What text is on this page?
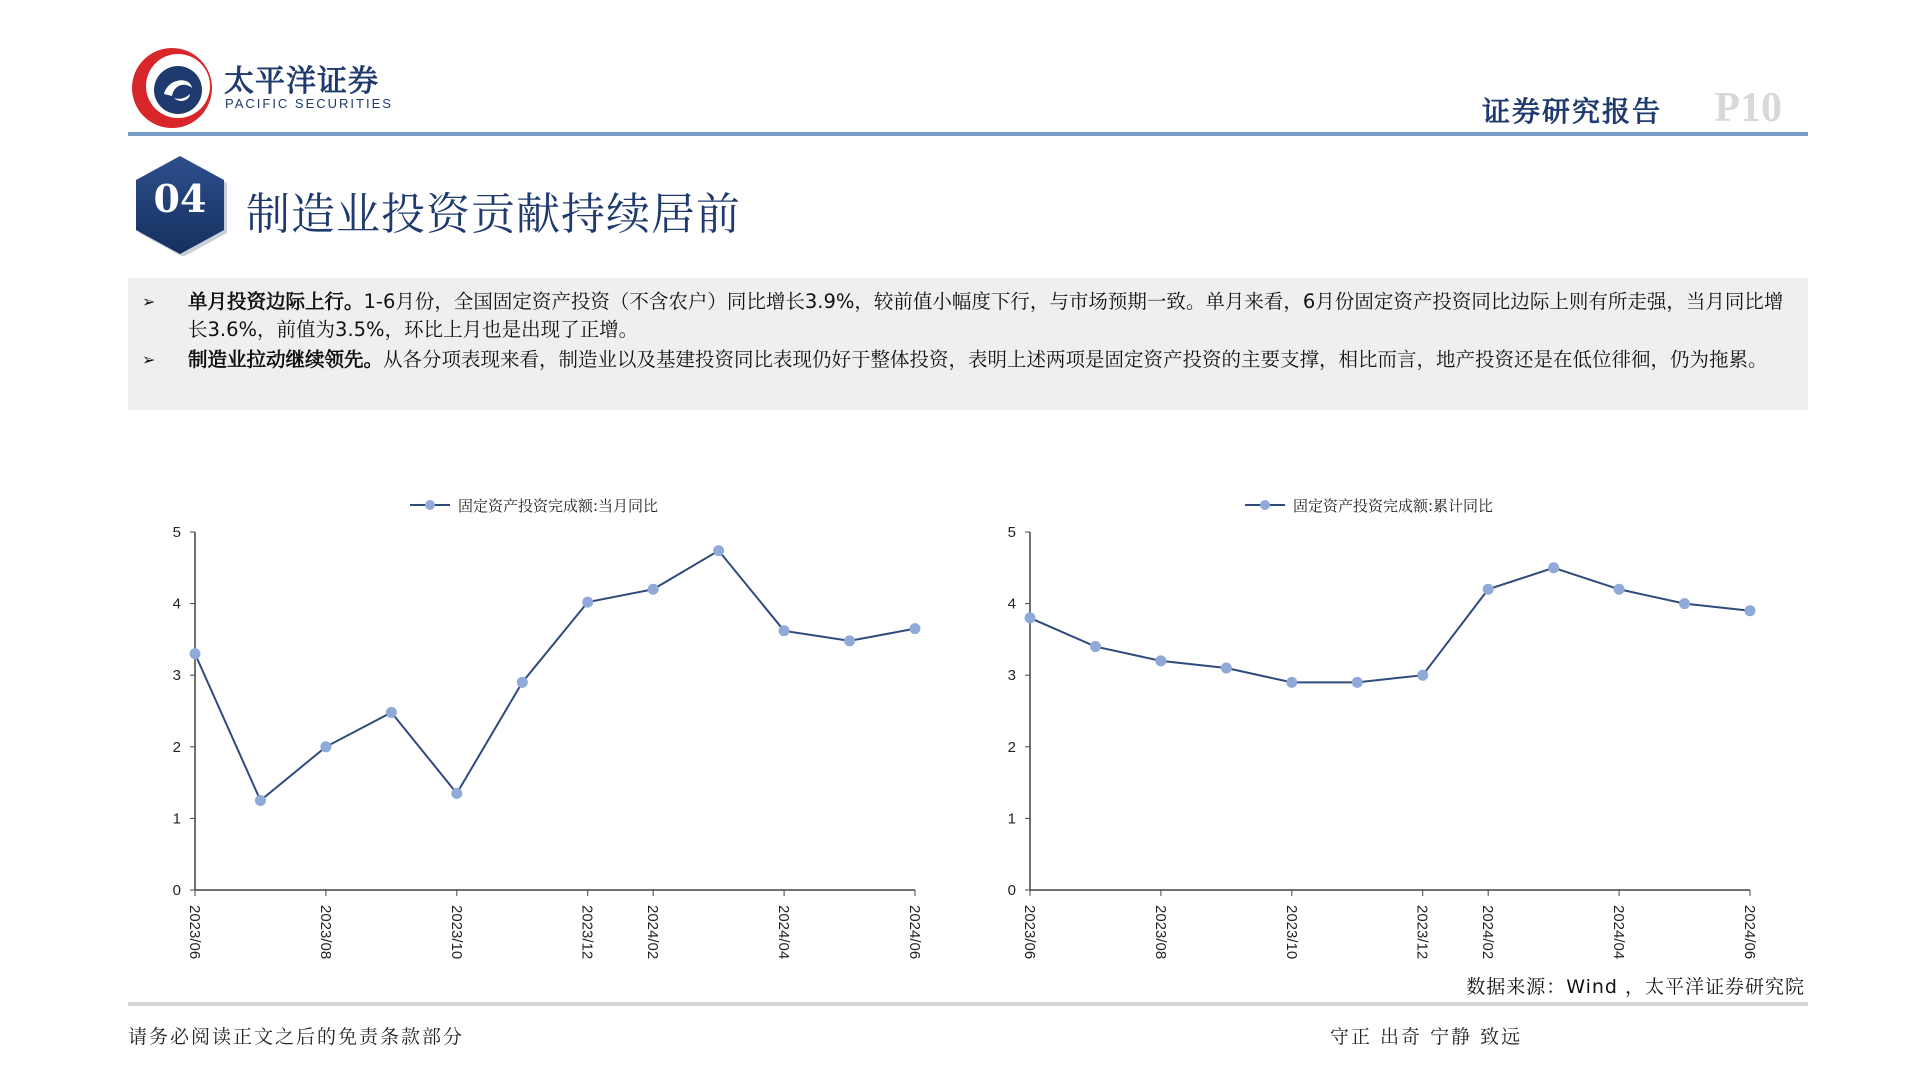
太平洋证券
PACIFIC SECURITIES	证券研究报告 P10
04 制造业投资贡献持续居前
➢ 单月投资边际上行。1-6月份，全国固定资产投资（不含农户）同比增长3.9%，较前值小幅度下行，与市场预期一致。单月来看，6月份固定资产投资同比边际上则有所走强，当月同比增长3.6%，前值为3.5%，环比上月也是出现了正增。
➢ 制造业拉动继续领先。从各分项表现来看，制造业以及基建投资同比表现仍好于整体投资，表明上述两项是固定资产投资的主要支撑，相比而言，地产投资还是在低位徘徊，仍为拖累。
固定资产投资完成额:当月同比
0
1
2
3
4
5
2023/06	2023/08	2023/10	2023/12	2024/02	2024/04	2024/06
固定资产投资完成额:累计同比
0
1
2
3
4
5
2023/06	2023/08	2023/10	2023/12	2024/02	2024/04	2024/06
数据来源：Wind ，太平洋证券研究院
请务必阅读正文之后的免责条款部分	守正 出奇 宁静 致远
